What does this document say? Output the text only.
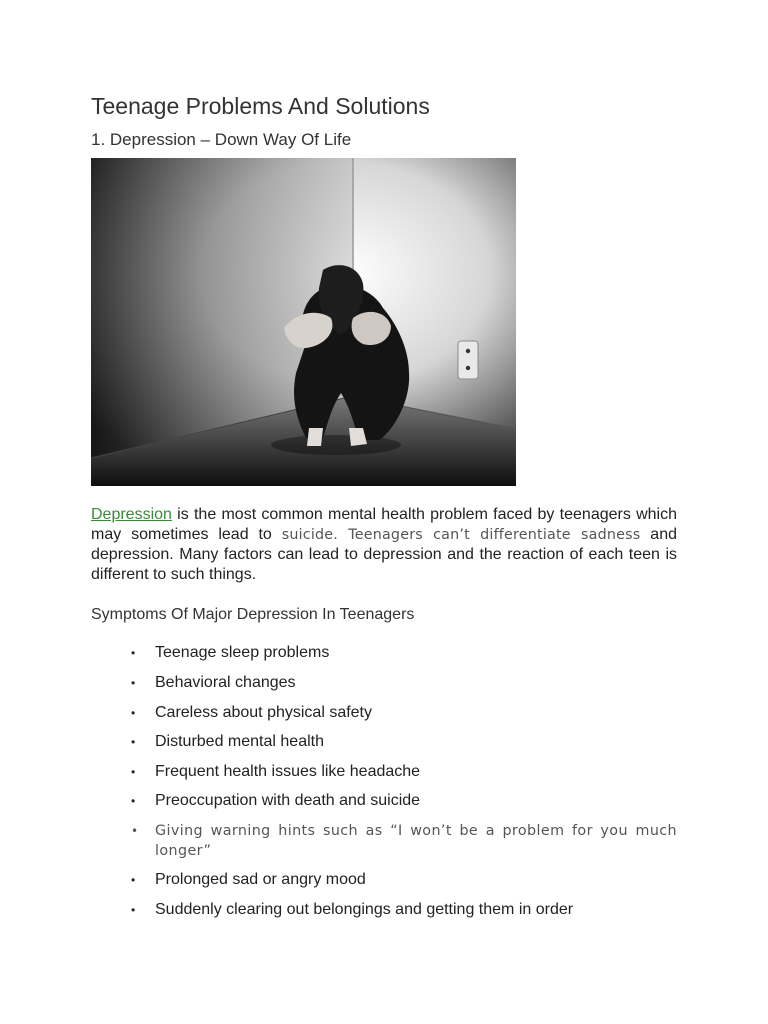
Teenage Problems And Solutions
1. Depression – Down Way Of Life
Depression is the most common mental health problem faced by teenagers which may sometimes lead to suicide. Teenagers can’t differentiate sadness and depression. Many factors can lead to depression and the reaction of each teen is different to such things.
Symptoms Of Major Depression In Teenagers
• Teenage sleep problems
• Behavioral changes
• Careless about physical safety
• Disturbed mental health
• Frequent health issues like headache
• Preoccupation with death and suicide
• Giving warning hints such as “I won’t be a problem for you much longer”
• Prolonged sad or angry mood
• Suddenly clearing out belongings and getting them in order
